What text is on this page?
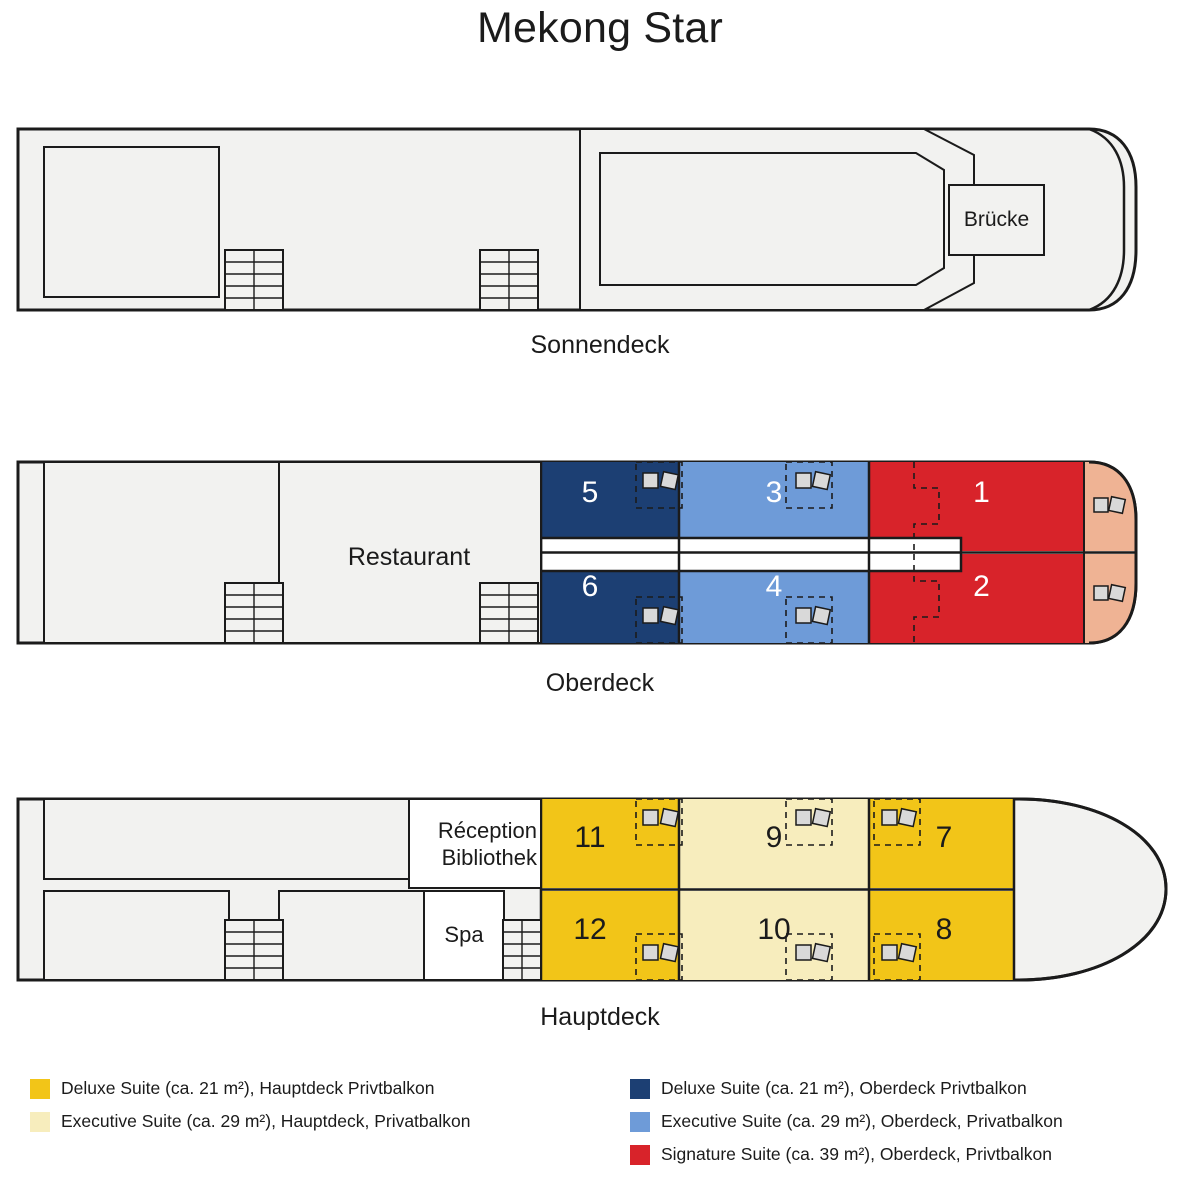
Mekong Star
Brücke
Sonnendeck
Restaurant
5	3	1
6	4	2
Oberdeck
Réception
Bibliothek
Spa
11	9	7
12	10	8
Hauptdeck
Deluxe Suite (ca. 21 m²), Hauptdeck Privtbalkon
Executive Suite (ca. 29 m²), Hauptdeck, Privatbalkon
Deluxe Suite (ca. 21 m²), Oberdeck Privtbalkon
Executive Suite (ca. 29 m²), Oberdeck, Privatbalkon
Signature Suite (ca. 39 m²), Oberdeck, Privtbalkon
